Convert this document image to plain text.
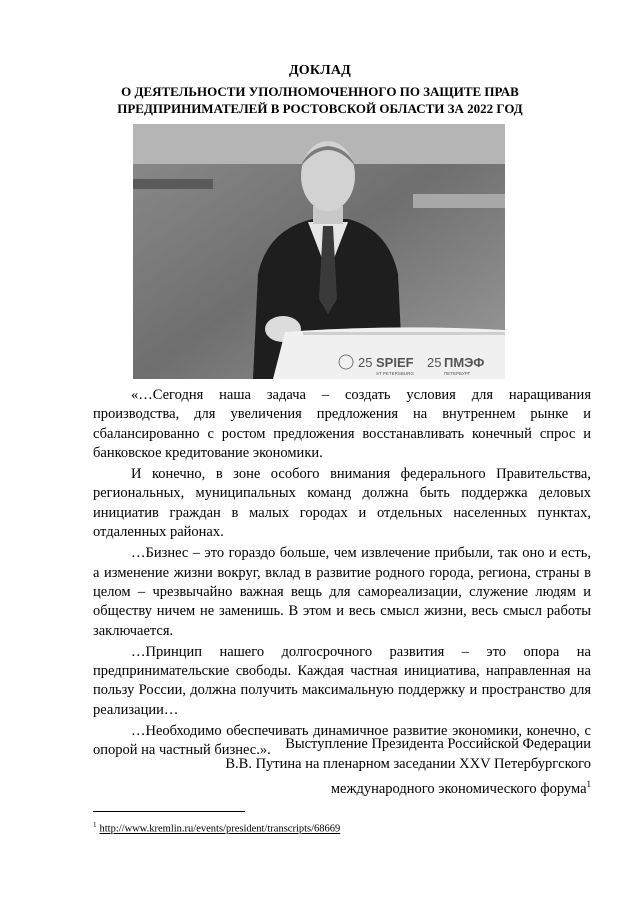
ДОКЛАД
О ДЕЯТЕЛЬНОСТИ УПОЛНОМОЧЕННОГО ПО ЗАЩИТЕ ПРАВ
ПРЕДПРИНИМАТЕЛЕЙ В РОСТОВСКОЙ ОБЛАСТИ ЗА 2022 ГОД
25 SPIEF
ST PETERSBURG
25 ПМЭФ
ПЕТЕРБУРГ

«…Сегодня наша задача – создать условия для наращивания производства, для увеличения предложения на внутреннем рынке и сбалансированно с ростом предложения восстанавливать конечный спрос и банковское кредитование экономики.

И конечно, в зоне особого внимания федерального Правительства, региональных, муниципальных команд должна быть поддержка деловых инициатив граждан в малых городах и отдельных населенных пунктах, отдаленных районах.

…Бизнес – это гораздо больше, чем извлечение прибыли, так оно и есть, а изменение жизни вокруг, вклад в развитие родного города, региона, страны в целом – чрезвычайно важная вещь для самореализации, служение людям и обществу ничем не заменишь. В этом и весь смысл жизни, весь смысл работы заключается.

…Принцип нашего долгосрочного развития – это опора на предпринимательские свободы. Каждая частная инициатива, направленная на пользу России, должна получить максимальную поддержку и пространство для реализации…

…Необходимо обеспечивать динамичное развитие экономики, конечно, с опорой на частный бизнес.». Выступление Президента Российской Федерации
В.В. Путина на пленарном заседании XXV Петербургского
международного экономического форума$^1$
$^1$ http://www.kremlin.ru/events/president/transcripts/68669
